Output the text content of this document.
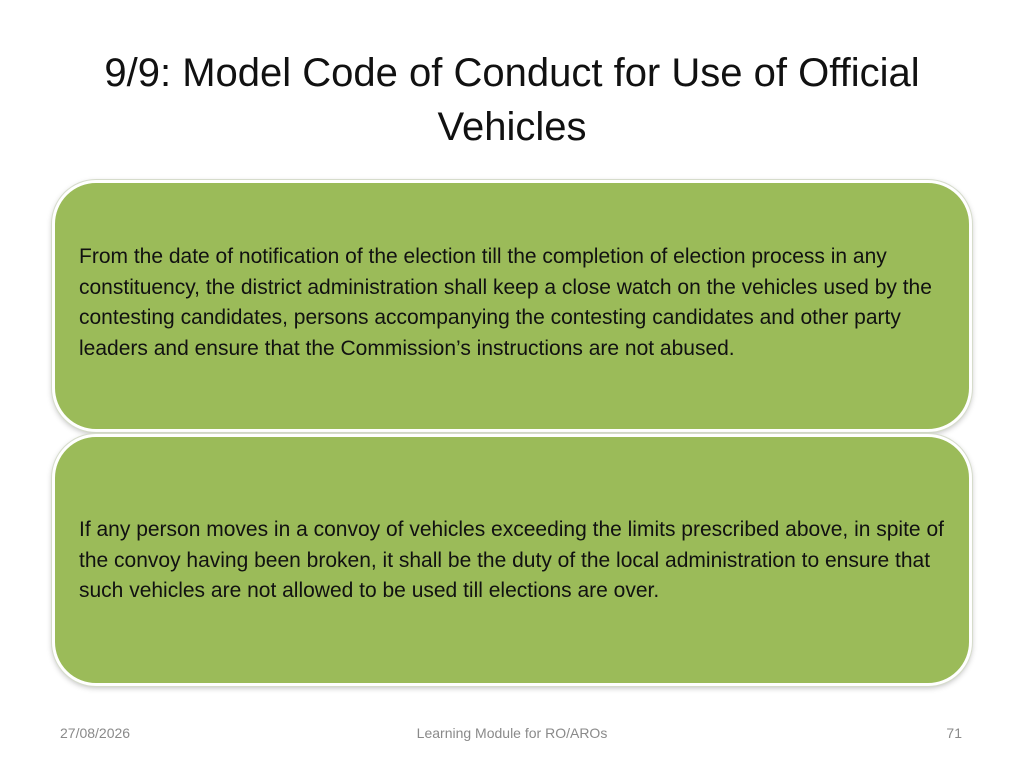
9/9: Model Code of Conduct for Use of Official Vehicles

From the date of notification of the election till the completion of election process in any constituency, the district administration shall keep a close watch on the vehicles used by the contesting candidates, persons accompanying the contesting candidates and other party leaders and ensure that the Commission’s instructions are not abused.

If any person moves in a convoy of vehicles exceeding the limits prescribed above, in spite of the convoy having been broken, it shall be the duty of the local administration to ensure that such vehicles are not allowed to be used till elections are over.

27/08/2026	Learning Module for RO/AROs	71
